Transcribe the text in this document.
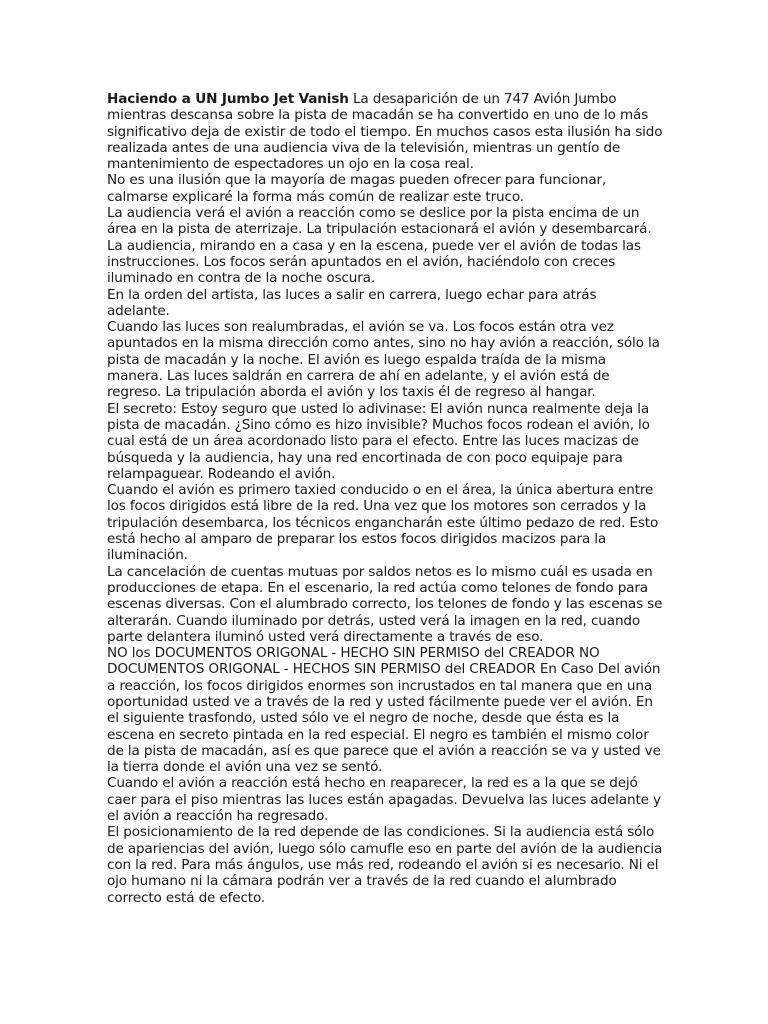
Haciendo a UN Jumbo Jet Vanish La desaparición de un 747 Avión Jumbo mientras descansa sobre la pista de macadán se ha convertido en uno de lo más significativo deja de existir de todo el tiempo. En muchos casos esta ilusión ha sido realizada antes de una audiencia viva de la televisión, mientras un gentío de mantenimiento de espectadores un ojo en la cosa real.

No es una ilusión que la mayoría de magas pueden ofrecer para funcionar, calmarse explicaré la forma más común de realizar este truco.

La audiencia verá el avión a reacción como se deslice por la pista encima de un área en la pista de aterrizaje. La tripulación estacionará el avión y desembarcará. La audiencia, mirando en a casa y en la escena, puede ver el avión de todas las instrucciones. Los focos serán apuntados en el avión, haciéndolo con creces iluminado en contra de la noche oscura.

En la orden del artista, las luces a salir en carrera, luego echar para atrás adelante.

Cuando las luces son realumbradas, el avión se va. Los focos están otra vez apuntados en la misma dirección como antes, sino no hay avión a reacción, sólo la pista de macadán y la noche. El avión es luego espalda traída de la misma manera. Las luces saldrán en carrera de ahí en adelante, y el avión está de regreso. La tripulación aborda el avión y los taxis él de regreso al hangar.

El secreto: Estoy seguro que usted lo adivinase: El avión nunca realmente deja la pista de macadán. ¿Sino cómo es hizo invisible? Muchos focos rodean el avión, lo cual está de un área acordonado listo para el efecto. Entre las luces macizas de búsqueda y la audiencia, hay una red encortinada de con poco equipaje para relampaguear. Rodeando el avión.

Cuando el avión es primero taxied conducido o en el área, la única abertura entre los focos dirigidos está libre de la red. Una vez que los motores son cerrados y la tripulación desembarca, los técnicos engancharán este último pedazo de red. Esto está hecho al amparo de preparar los estos focos dirigidos macizos para la iluminación.

La cancelación de cuentas mutuas por saldos netos es lo mismo cuál es usada en producciones de etapa. En el escenario, la red actúa como telones de fondo para escenas diversas. Con el alumbrado correcto, los telones de fondo y las escenas se alterarán. Cuando iluminado por detrás, usted verá la imagen en la red, cuando parte delantera iluminó usted verá directamente a través de eso.

NO los DOCUMENTOS ORIGONAL - HECHO SIN PERMISO del CREADOR NO DOCUMENTOS ORIGONAL - HECHOS SIN PERMISO del CREADOR En Caso Del avión a reacción, los focos dirigidos enormes son incrustados en tal manera que en una oportunidad usted ve a través de la red y usted fácilmente puede ver el avión. En el siguiente trasfondo, usted sólo ve el negro de noche, desde que ésta es la escena en secreto pintada en la red especial. El negro es también el mismo color de la pista de macadán, así es que parece que el avión a reacción se va y usted ve la tierra donde el avión una vez se sentó.

Cuando el avión a reacción está hecho en reaparecer, la red es a la que se dejó caer para el piso mientras las luces están apagadas. Devuelva las luces adelante y el avión a reacción ha regresado.

El posicionamiento de la red depende de las condiciones. Si la audiencia está sólo de apariencias del avión, luego sólo camufle eso en parte del avión de la audiencia con la red. Para más ángulos, use más red, rodeando el avión si es necesario. Ni el ojo humano ni la cámara podrán ver a través de la red cuando el alumbrado correcto está de efecto.
